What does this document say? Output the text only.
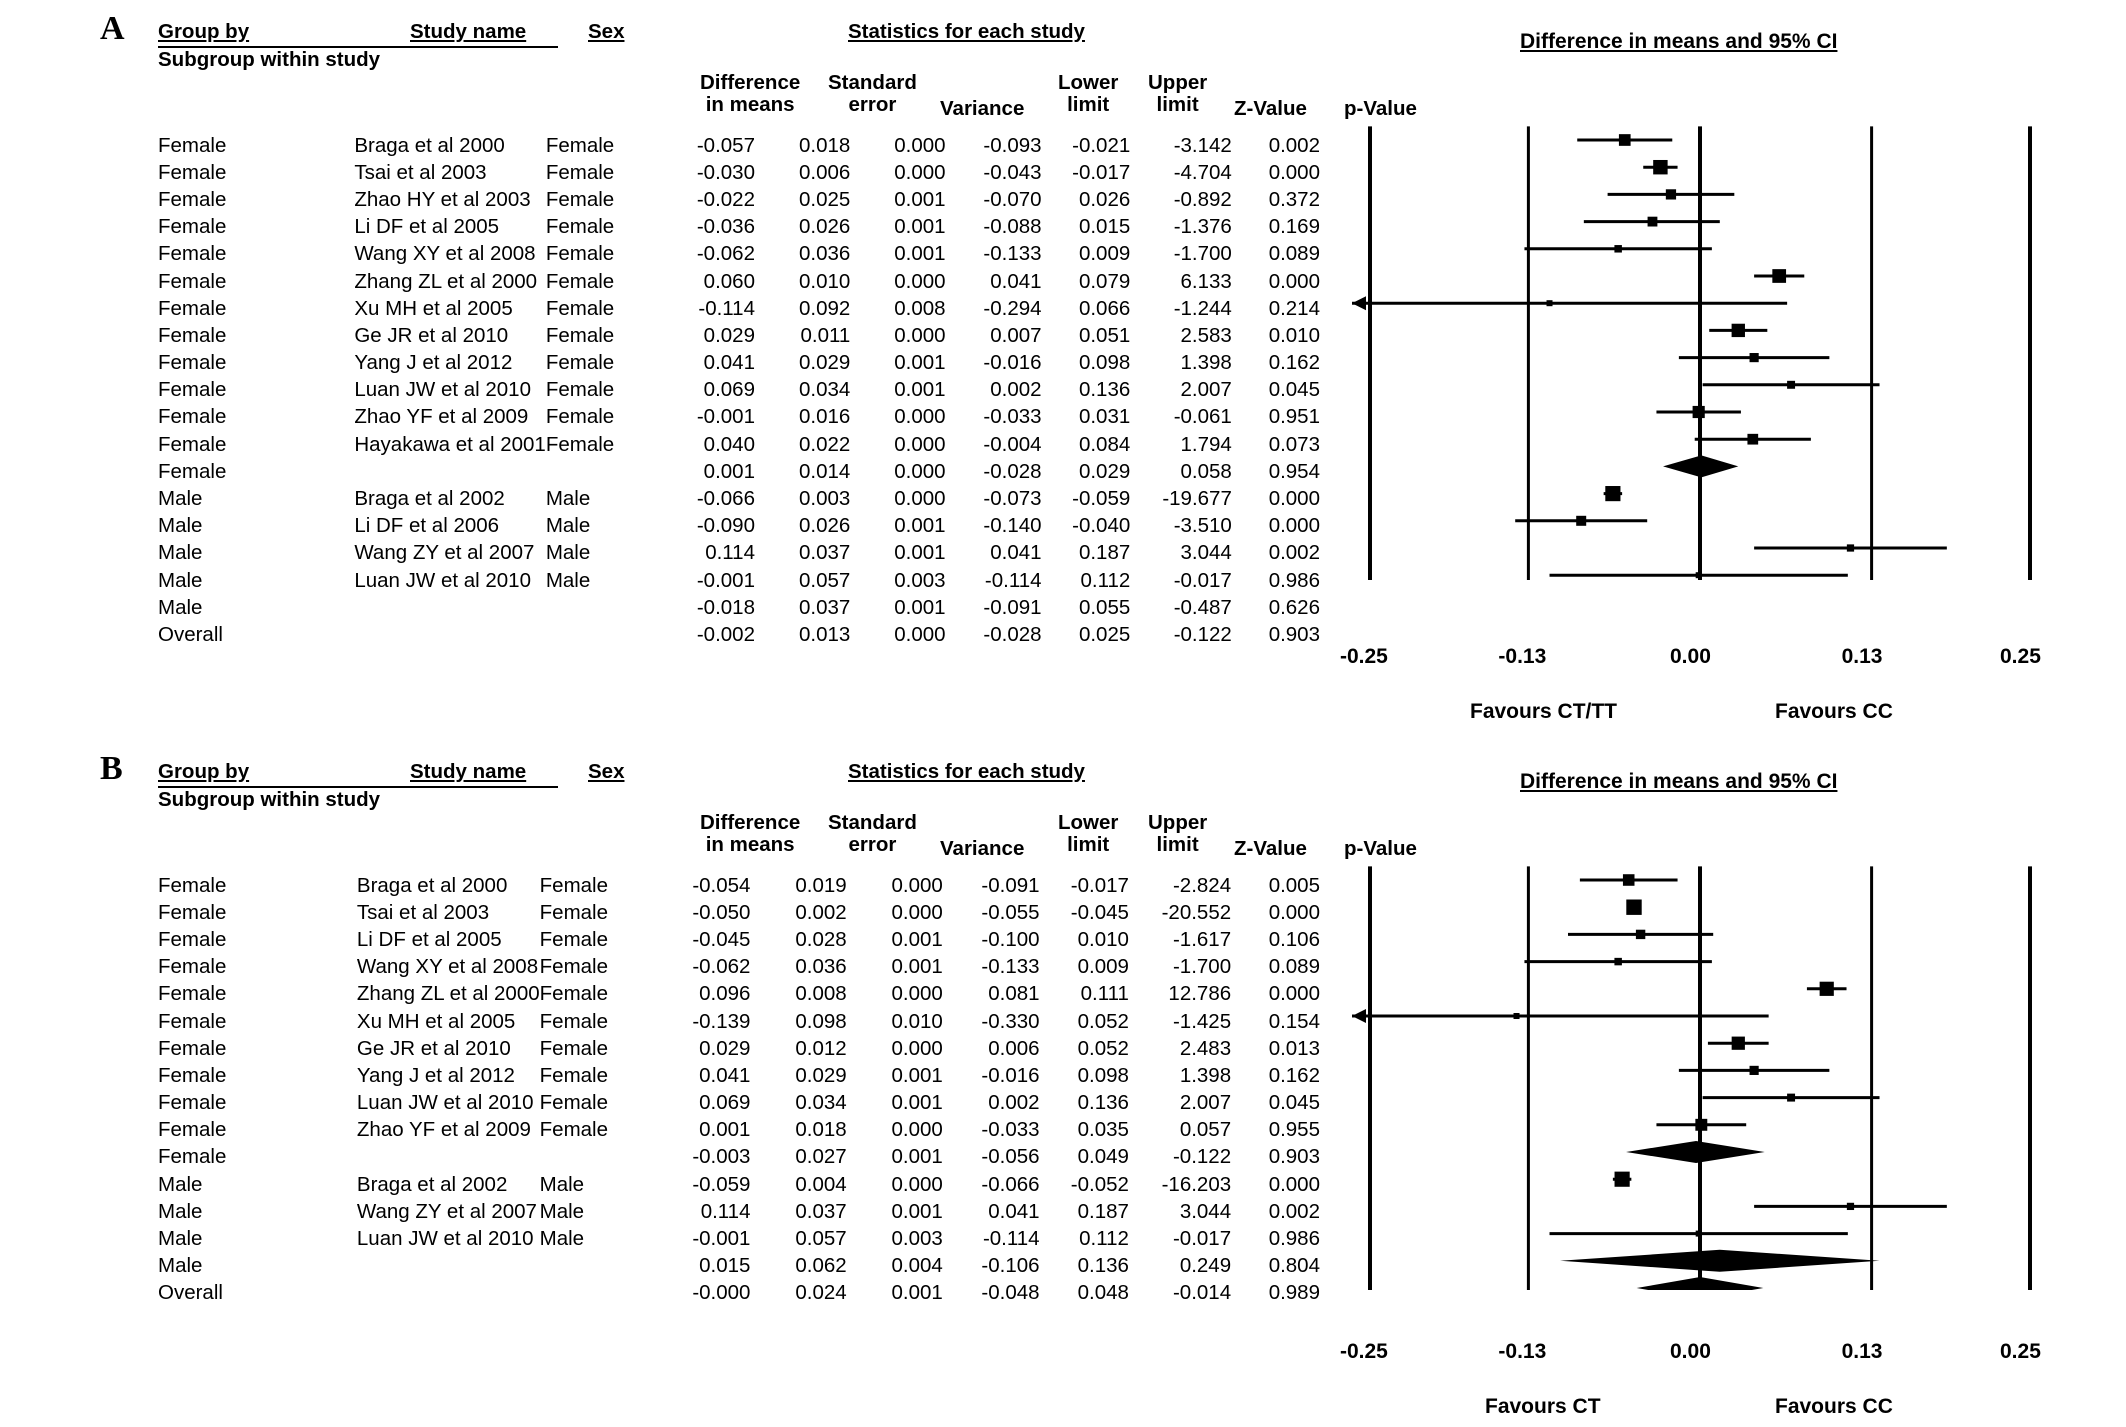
A Group by
Subgroup within study
Study name	Sex	Statistics for each study
Difference
in means
Standard
error	Variance
Lower
limit
Upper
limit	Z-Value p-Value
Female	Braga et al 2000	Female	-0.057	0.018	0.000	-0.093	-0.021	-3.142	0.002
Female	Tsai et al 2003	Female	-0.030	0.006	0.000	-0.043	-0.017	-4.704	0.000
Female	Zhao HY et al 2003	Female	-0.022	0.025	0.001	-0.070	0.026	-0.892	0.372
Female	Li DF et al 2005	Female	-0.036	0.026	0.001	-0.088	0.015	-1.376	0.169
Female	Wang XY et al 2008	Female	-0.062	0.036	0.001	-0.133	0.009	-1.700	0.089
Female	Zhang ZL et al 2000	Female	0.060	0.010	0.000	0.041	0.079	6.133	0.000
Female	Xu MH et al 2005	Female	-0.114	0.092	0.008	-0.294	0.066	-1.244	0.214
Female	Ge JR et al 2010	Female	0.029	0.011	0.000	0.007	0.051	2.583	0.010
Female	Yang J et al 2012	Female	0.041	0.029	0.001	-0.016	0.098	1.398	0.162
Female	Luan JW et al 2010	Female	0.069	0.034	0.001	0.002	0.136	2.007	0.045
Female	Zhao YF et al 2009	Female	-0.001	0.016	0.000	-0.033	0.031	-0.061	0.951
Female	Hayakawa et al 2001	Female	0.040	0.022	0.000	-0.004	0.084	1.794	0.073
Female			0.001	0.014	0.000	-0.028	0.029	0.058	0.954
Male	Braga et al 2002	Male	-0.066	0.003	0.000	-0.073	-0.059	-19.677	0.000
Male	Li DF et al 2006	Male	-0.090	0.026	0.001	-0.140	-0.040	-3.510	0.000
Male	Wang ZY et al 2007	Male	0.114	0.037	0.001	0.041	0.187	3.044	0.002
Male	Luan JW et al 2010	Male	-0.001	0.057	0.003	-0.114	0.112	-0.017	0.986
Male			-0.018	0.037	0.001	-0.091	0.055	-0.487	0.626
Overall			-0.002	0.013	0.000	-0.028	0.025	-0.122	0.903
Difference in means and 95% CI
-0.25	-0.13	0.00	0.13	0.25
Favours CT/TT	Favours CC
B Group by
Subgroup within study
Study name	Sex	Statistics for each study
Difference
in means
Standard
error	Variance
Lower
limit
Upper
limit	Z-Value p-Value
Female	Braga et al 2000	Female	-0.054	0.019	0.000	-0.091	-0.017	-2.824	0.005
Female	Tsai et al 2003	Female	-0.050	0.002	0.000	-0.055	-0.045	-20.552	0.000
Female	Li DF et al 2005	Female	-0.045	0.028	0.001	-0.100	0.010	-1.617	0.106
Female	Wang XY et al 2008	Female	-0.062	0.036	0.001	-0.133	0.009	-1.700	0.089
Female	Zhang ZL et al 2000	Female	0.096	0.008	0.000	0.081	0.111	12.786	0.000
Female	Xu MH et al 2005	Female	-0.139	0.098	0.010	-0.330	0.052	-1.425	0.154
Female	Ge JR et al 2010	Female	0.029	0.012	0.000	0.006	0.052	2.483	0.013
Female	Yang J et al 2012	Female	0.041	0.029	0.001	-0.016	0.098	1.398	0.162
Female	Luan JW et al 2010	Female	0.069	0.034	0.001	0.002	0.136	2.007	0.045
Female	Zhao YF et al 2009	Female	0.001	0.018	0.000	-0.033	0.035	0.057	0.955
Female			-0.003	0.027	0.001	-0.056	0.049	-0.122	0.903
Male	Braga et al 2002	Male	-0.059	0.004	0.000	-0.066	-0.052	-16.203	0.000
Male	Wang ZY et al 2007	Male	0.114	0.037	0.001	0.041	0.187	3.044	0.002
Male	Luan JW et al 2010	Male	-0.001	0.057	0.003	-0.114	0.112	-0.017	0.986
Male			0.015	0.062	0.004	-0.106	0.136	0.249	0.804
Overall			-0.000	0.024	0.001	-0.048	0.048	-0.014	0.989
Difference in means and 95% CI
-0.25	-0.13	0.00	0.13	0.25
Favours CT	Favours CC
